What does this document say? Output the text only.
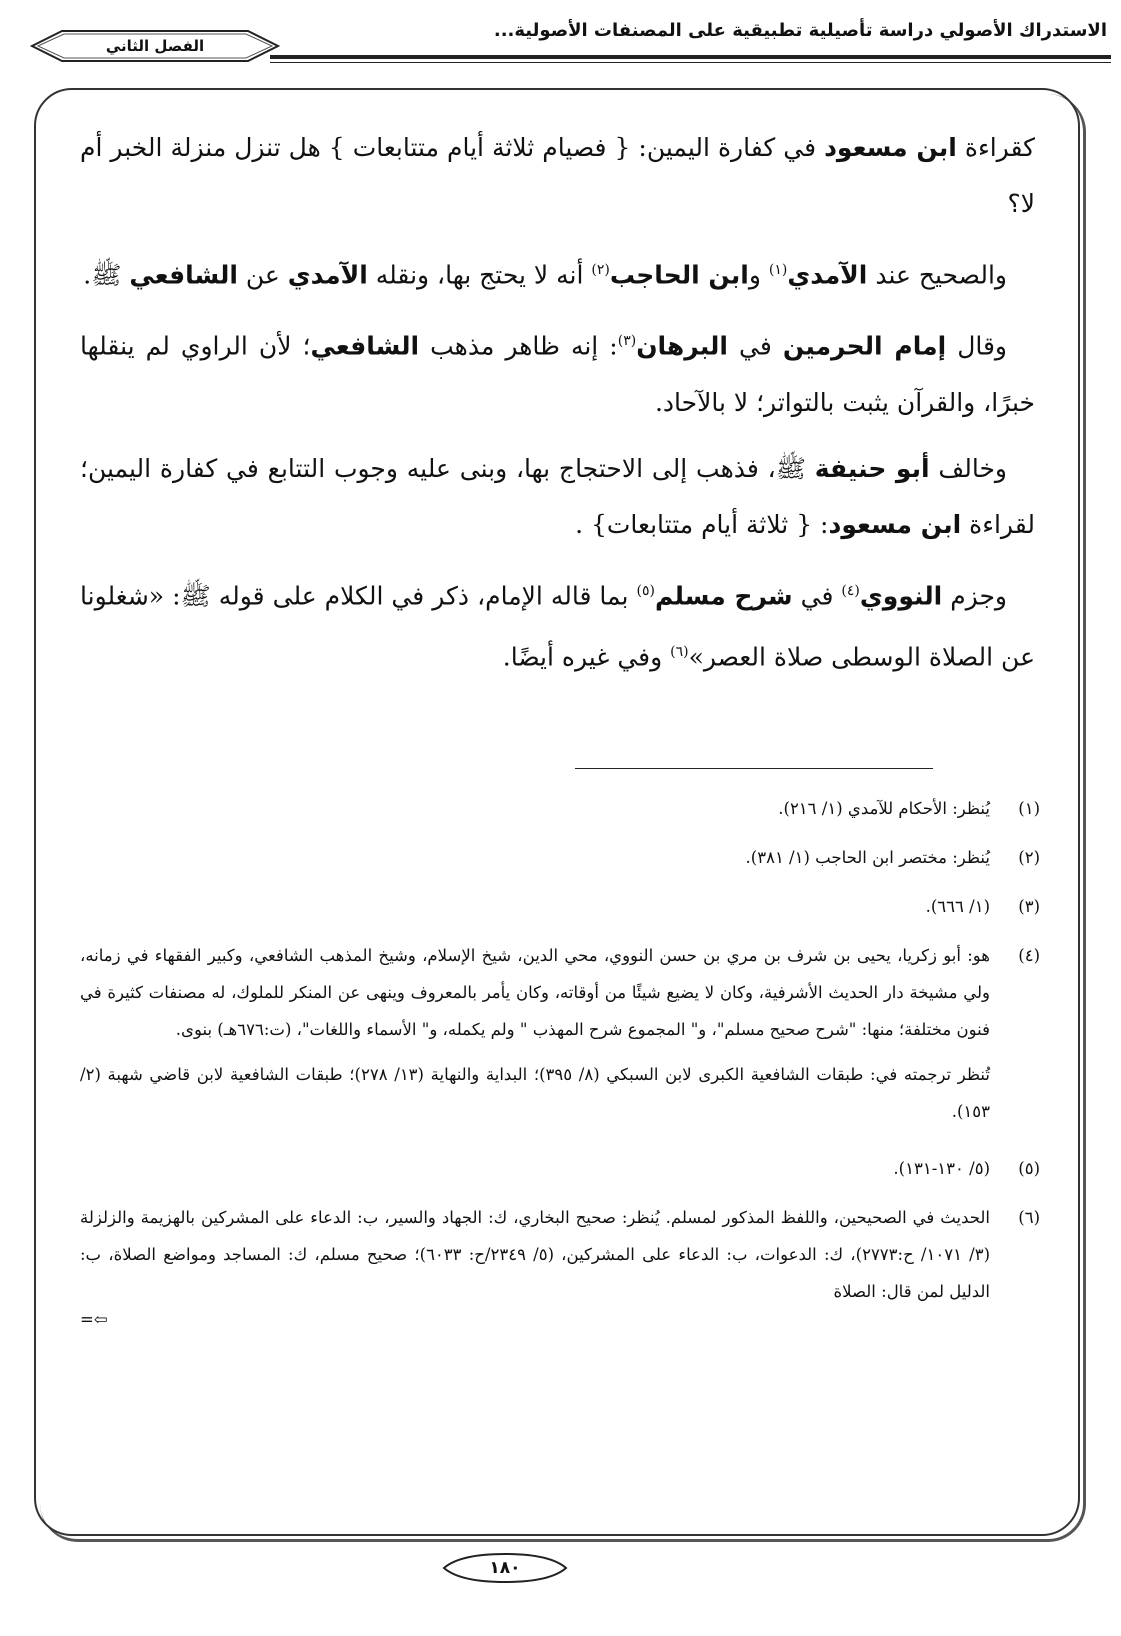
الاستدراك الأصولي دراسة تأصيلية تطبيقية على المصنفات الأصولية...
الفصل الثاني

كقراءة ابن مسعود في كفارة اليمين: { فصيام ثلاثة أيام متتابعات } هل تنزل منزلة الخبر أم لا؟

والصحيح عند الآمدي$^{(١)}$ وابن الحاجب$^{(٢)}$ أنه لا يحتج بها، ونقله الآمدي عن الشافعي ﷺ.

وقال إمام الحرمين في البرهان$^{(٣)}$: إنه ظاهر مذهب الشافعي؛ لأن الراوي لم ينقلها خبرًا، والقرآن يثبت بالتواتر؛ لا بالآحاد.

وخالف أبو حنيفة ﷺ، فذهب إلى الاحتجاج بها، وبنى عليه وجوب التتابع في كفارة اليمين؛ لقراءة ابن مسعود: { ثلاثة أيام متتابعات} .

وجزم النووي$^{(٤)}$ في شرح مسلم$^{(٥)}$ بما قاله الإمام، ذكر في الكلام على قوله ﷺ: «شغلونا عن الصلاة الوسطى صلاة العصر»$^{(٦)}$ وفي غيره أيضًا.

(١)
يُنظر: الأحكام للآمدي (١/ ٢١٦).
(٢)
يُنظر: مختصر ابن الحاجب (١/ ٣٨١).
(٣)
(١/ ٦٦٦).
(٤)

هو: أبو زكريا، يحيى بن شرف بن مري بن حسن النووي، محي الدين، شيخ الإسلام، وشيخ المذهب الشافعي، وكبير الفقهاء في زمانه، ولي مشيخة دار الحديث الأشرفية، وكان لا يضيع شيئًا من أوقاته، وكان يأمر بالمعروف وينهى عن المنكر للملوك، له مصنفات كثيرة في فنون مختلفة؛ منها: "شرح صحيح مسلم"، و" المجموع شرح المهذب " ولم يكمله، و" الأسماء واللغات"، (ت:٦٧٦هـ) بنوى.

تُنظر ترجمته في: طبقات الشافعية الكبرى لابن السبكي (٨/ ٣٩٥)؛ البداية والنهاية (١٣/ ٢٧٨)؛ طبقات الشافعية لابن قاضي شهبة (٢/ ١٥٣).

(٥)
(٥/ ١٣٠-١٣١).
(٦)
الحديث في الصحيحين، واللفظ المذكور لمسلم. يُنظر: صحيح البخاري، ك: الجهاد والسير، ب: الدعاء على المشركين بالهزيمة والزلزلة (٣/ ١٠٧١/ ح:٢٧٧٣)، ك: الدعوات، ب: الدعاء على المشركين، (٥/ ٢٣٤٩/ح: ٦٠٣٣)؛ صحيح مسلم، ك: المساجد ومواضع الصلاة، ب: الدليل لمن قال: الصلاة
⇦=
١٨٠
